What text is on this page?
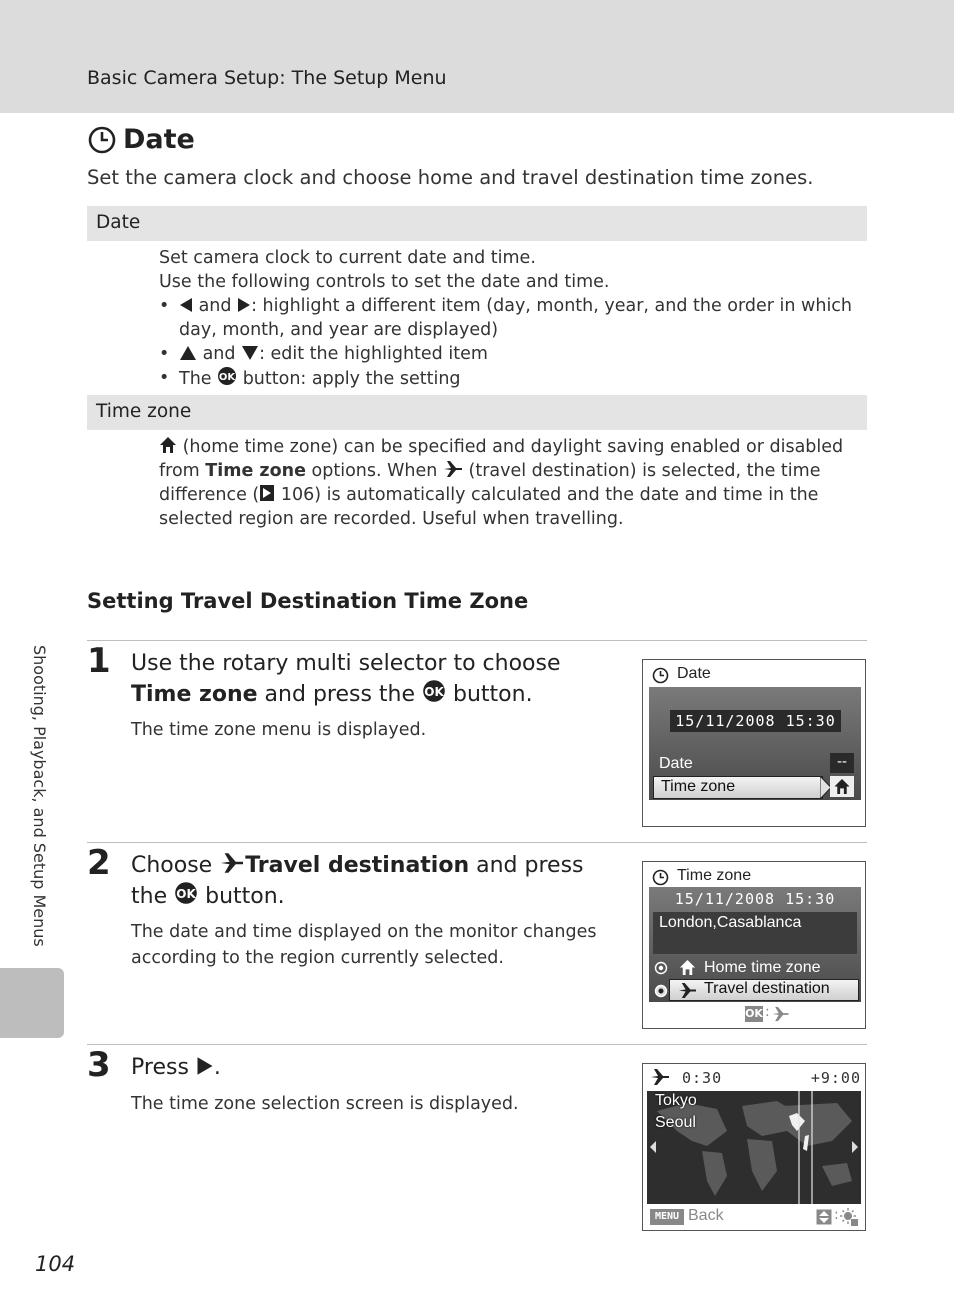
Basic Camera Setup: The Setup Menu
Date
Set the camera clock and choose home and travel destination time zones.
Date
Set camera clock to current date and time.
Use the following controls to set the date and time.
• and : highlight a different item (day, month, year, and the order in which day, month, and year are displayed)
• and : edit the highlighted item
• The OK button: apply the setting
Time zone
(home time zone) can be specified and daylight saving enabled or disabled from Time zone options. When  (travel destination) is selected, the time difference ( 106) is automatically calculated and the date and time in the selected region are recorded. Useful when travelling.
Setting Travel Destination Time Zone
1 Use the rotary multi selector to choose Time zone and press the OK button.
The time zone menu is displayed.
Date
15/11/2008 15:30
Date	--
Time zone
2 Choose Travel destination and press the OK button.
The date and time displayed on the monitor changes according to the region currently selected.
Time zone
15/11/2008 15:30
London,Casablanca
Home time zone
Travel destination
OK :
3 Press .
The time zone selection screen is displayed.
0:30	+9:00
Tokyo
Seoul
MENU Back	:
Shooting, Playback, and Setup Menus
104
